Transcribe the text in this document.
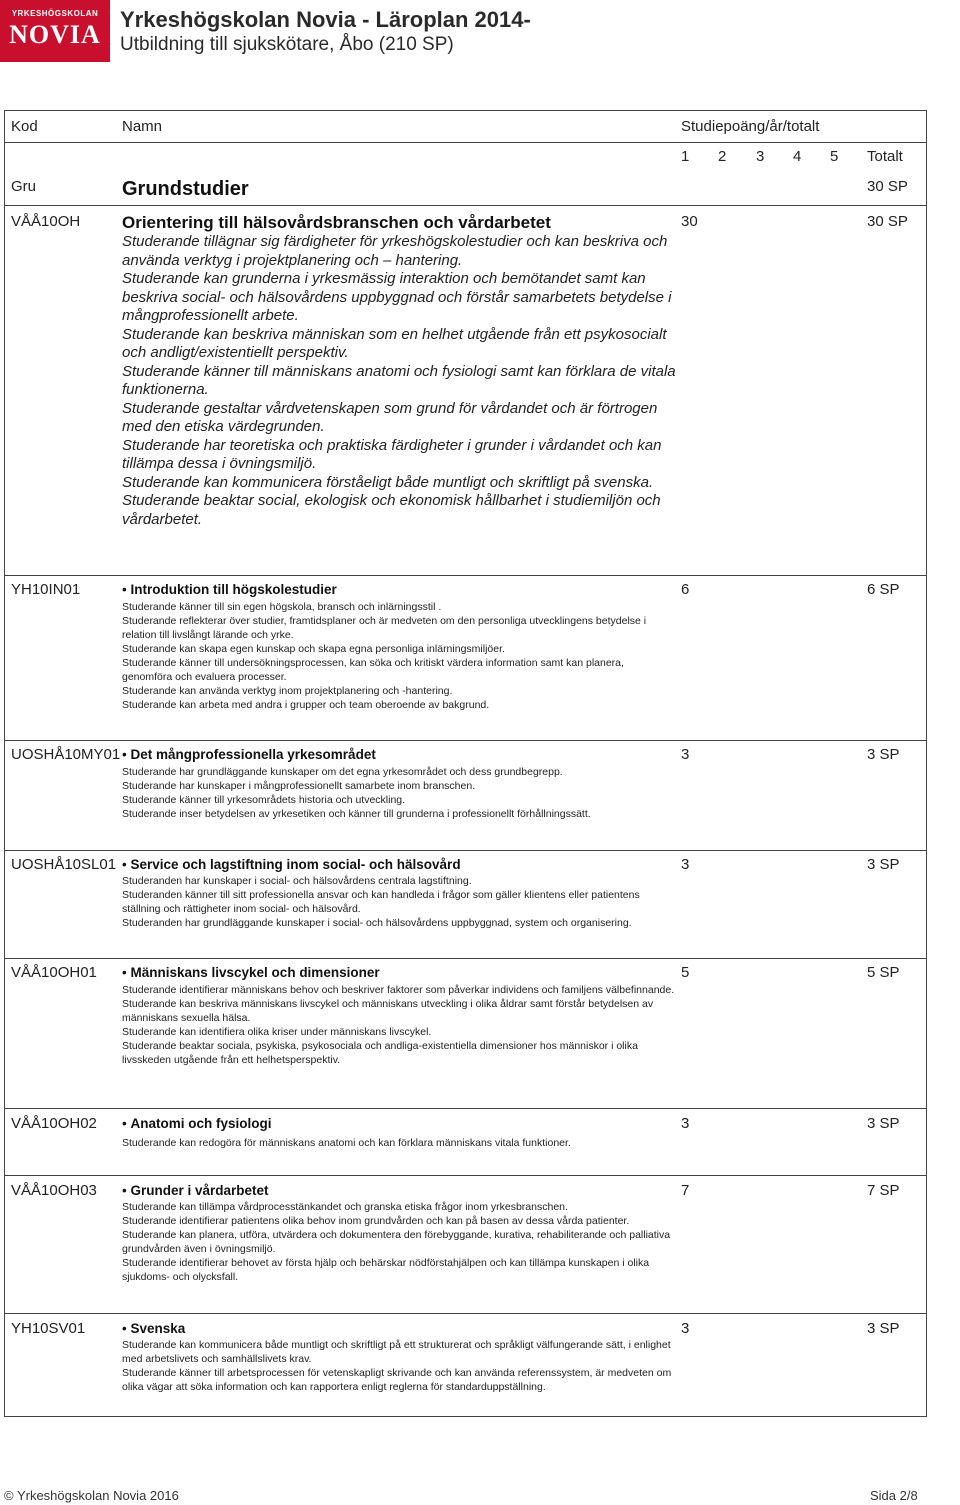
YRKESHÖGSKOLAN
NOVIA
Yrkeshögskolan Novia - Läroplan 2014-
Utbildning till sjukskötare, Åbo (210 SP)
Kod	Namn	Studiepoäng/år/totalt
1 2 3 4 5 Totalt
Gru	Grundstudier	30 SP
VÅÅ10OH Orientering till hälsovårdsbranschen och vårdarbetet	30	30 SP
Studerande tillägnar sig färdigheter för yrkeshögskolestudier och kan beskriva och använda verktyg i projektplanering och – hantering.
Studerande kan grunderna i yrkesmässig interaktion och bemötandet samt kan beskriva social- och hälsovårdens uppbyggnad och förstår samarbetets betydelse i mångprofessionellt arbete.
Studerande kan beskriva människan som en helhet utgående från ett psykosocialt och andligt/existentiellt perspektiv.
Studerande känner till människans anatomi och fysiologi samt kan förklara de vitala funktionerna.
Studerande gestaltar vårdvetenskapen som grund för vårdandet och är förtrogen med den etiska värdegrunden.
Studerande har teoretiska och praktiska färdigheter i grunder i vårdandet och kan tillämpa dessa i övningsmiljö.
Studerande kan kommunicera förståeligt både muntligt och skriftligt på svenska.
Studerande beaktar social, ekologisk och ekonomisk hållbarhet i studiemiljön och vårdarbetet.
YH10IN01	• Introduktion till högskolestudier	6	6 SP
Studerande känner till sin egen högskola, bransch och inlärningsstil .
Studerande reflekterar över studier, framtidsplaner och är medveten om den personliga utvecklingens betydelse i relation till livslångt lärande och yrke.
Studerande kan skapa egen kunskap och skapa egna personliga inlärningsmiljöer.
Studerande känner till undersökningsprocessen, kan söka och kritiskt värdera information samt kan planera, genomföra och evaluera processer.
Studerande kan använda verktyg inom projektplanering och -hantering.
Studerande kan arbeta med andra i grupper och team oberoende av bakgrund.
UOSHÅ10MY01 • Det mångprofessionella yrkesområdet	3	3 SP
Studerande har grundläggande kunskaper om det egna yrkesområdet och dess grundbegrepp.
Studerande har kunskaper i mångprofessionellt samarbete inom branschen.
Studerande känner till yrkesområdets historia och utveckling.
Studerande inser betydelsen av yrkesetiken och känner till grunderna i professionellt förhållningssätt.
UOSHÅ10SL01	• Service och lagstiftning inom social- och hälsovård	3	3 SP
Studeranden har kunskaper i social- och hälsovårdens centrala lagstiftning.
Studeranden känner till sitt professionella ansvar och kan handleda i frågor som gäller klientens eller patientens ställning och rättigheter inom social- och hälsovård.
Studeranden har grundläggande kunskaper i social- och hälsovårdens uppbyggnad, system och organisering.
VÅÅ10OH01	• Människans livscykel och dimensioner	5	5 SP
Studerande identifierar människans behov och beskriver faktorer som påverkar individens och familjens välbefinnande.
Studerande kan beskriva människans livscykel och människans utveckling i olika åldrar samt förstår betydelsen av människans sexuella hälsa.
Studerande kan identifiera olika kriser under människans livscykel.
Studerande beaktar sociala, psykiska, psykosociala och andliga-existentiella dimensioner hos människor i olika livsskeden utgående från ett helhetsperspektiv.
VÅÅ10OH02	• Anatomi och fysiologi	3	3 SP
Studerande kan redogöra för människans anatomi och kan förklara människans vitala funktioner.
VÅÅ10OH03	• Grunder i vårdarbetet	7	7 SP
Studerande kan tillämpa vårdprocesstänkandet och granska etiska frågor inom yrkesbranschen.
Studerande identifierar patientens olika behov inom grundvården och kan på basen av dessa vårda patienter.
Studerande kan planera, utföra, utvärdera och dokumentera den förebyggande, kurativa, rehabiliterande och palliativa grundvården även i övningsmiljö.
Studerande identifierar behovet av första hjälp och behärskar nödförstahjälpen och kan tillämpa kunskapen i olika sjukdoms- och olycksfall.
YH10SV01	• Svenska	3	3 SP
Studerande kan kommunicera både muntligt och skriftligt på ett strukturerat och språkligt välfungerande sätt, i enlighet med arbetslivets och samhällslivets krav.
Studerande känner till arbetsprocessen för vetenskapligt skrivande och kan använda referenssystem, är medveten om olika vägar att söka information och kan rapportera enligt reglerna för standarduppställning.
© Yrkeshögskolan Novia 2016	Sida 2/8
